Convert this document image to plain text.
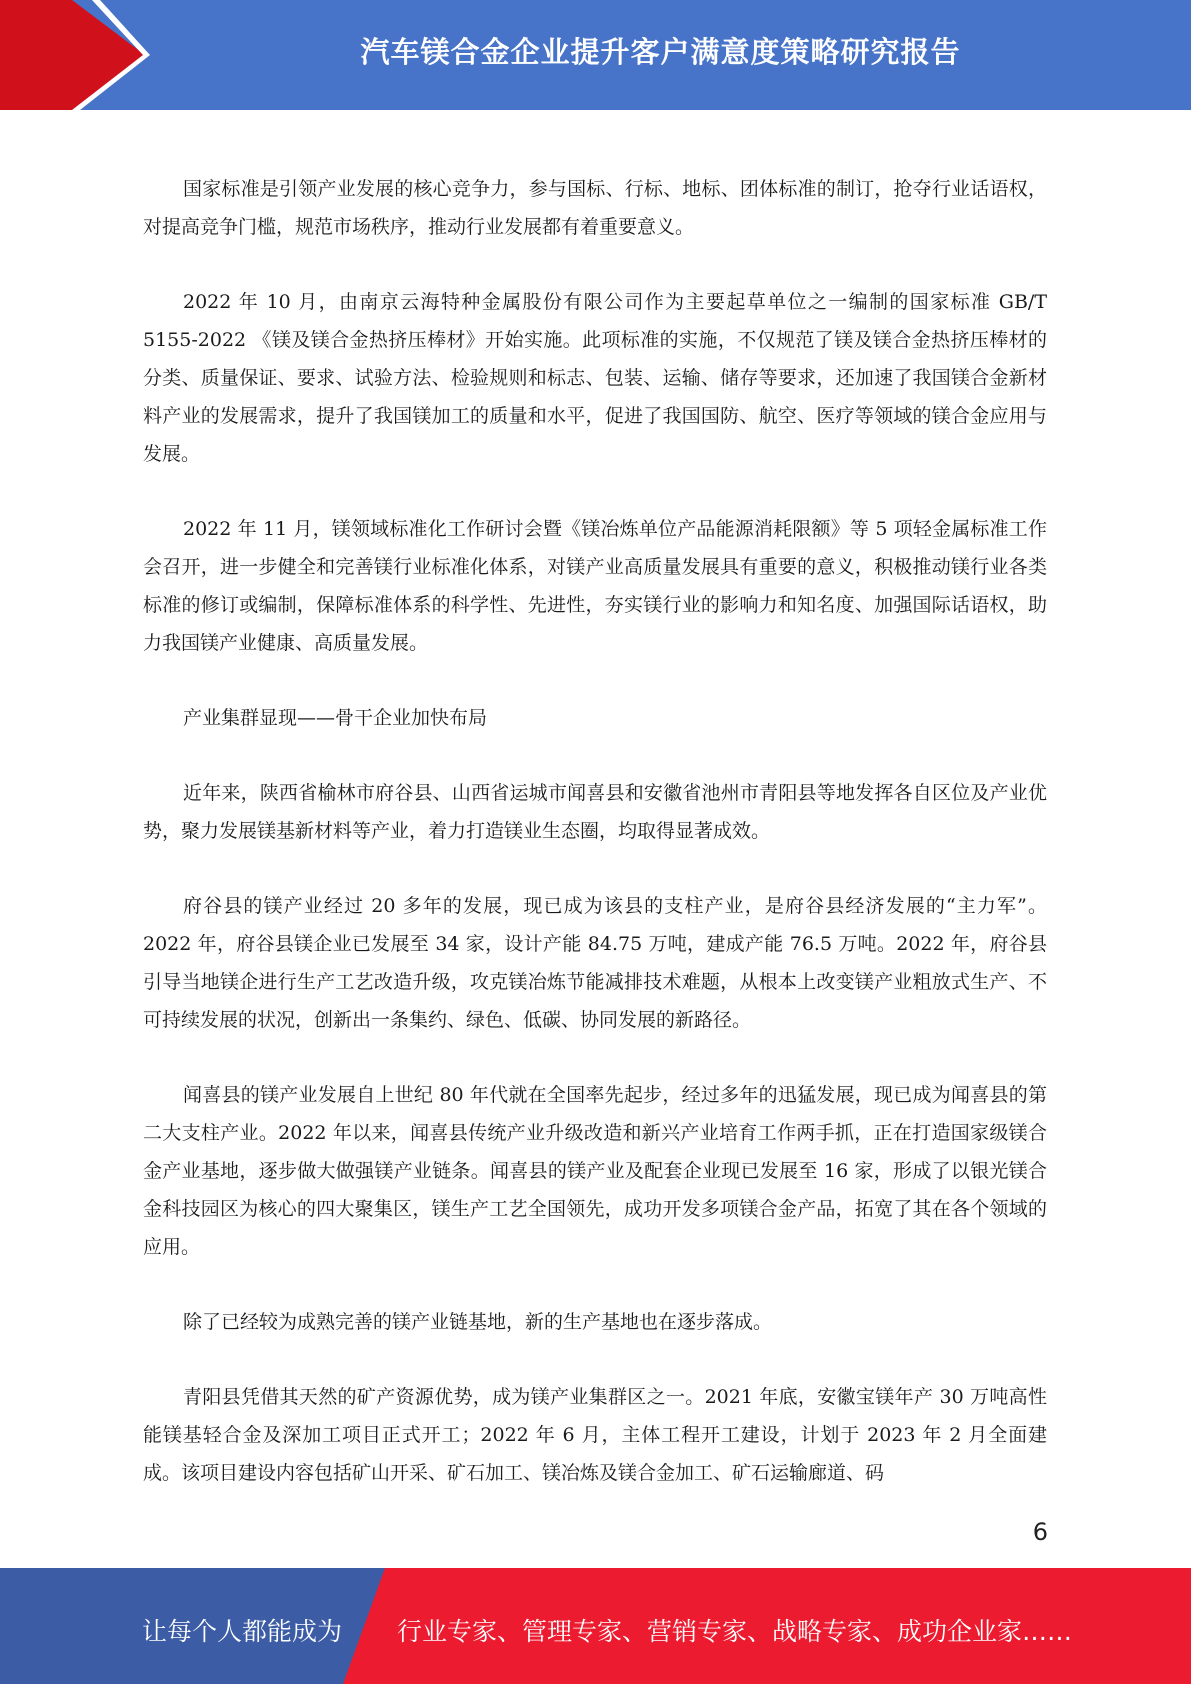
汽车镁合金企业提升客户满意度策略研究报告

国家标准是引领产业发展的核心竞争力，参与国标、行标、地标、团体标准的制订，抢夺行业话语权，对提高竞争门槛，规范市场秩序，推动行业发展都有着重要意义。

2022 年 10 月，由南京云海特种金属股份有限公司作为主要起草单位之一编制的国家标准 GB/T 5155-2022 《镁及镁合金热挤压棒材》开始实施。此项标准的实施，不仅规范了镁及镁合金热挤压棒材的分类、质量保证、要求、试验方法、检验规则和标志、包装、运输、储存等要求，还加速了我国镁合金新材料产业的发展需求，提升了我国镁加工的质量和水平，促进了我国国防、航空、医疗等领域的镁合金应用与发展。

2022 年 11 月，镁领域标准化工作研讨会暨《镁冶炼单位产品能源消耗限额》等 5 项轻金属标准工作会召开，进一步健全和完善镁行业标准化体系，对镁产业高质量发展具有重要的意义，积极推动镁行业各类标准的修订或编制，保障标准体系的科学性、先进性，夯实镁行业的影响力和知名度、加强国际话语权，助力我国镁产业健康、高质量发展。

产业集群显现——骨干企业加快布局

近年来，陕西省榆林市府谷县、山西省运城市闻喜县和安徽省池州市青阳县等地发挥各自区位及产业优势，聚力发展镁基新材料等产业，着力打造镁业生态圈，均取得显著成效。

府谷县的镁产业经过 20 多年的发展，现已成为该县的支柱产业，是府谷县经济发展的“主力军”。2022 年，府谷县镁企业已发展至 34 家，设计产能 84.75 万吨，建成产能 76.5 万吨。2022 年，府谷县引导当地镁企进行生产工艺改造升级，攻克镁冶炼节能减排技术难题，从根本上改变镁产业粗放式生产、不可持续发展的状况，创新出一条集约、绿色、低碳、协同发展的新路径。

闻喜县的镁产业发展自上世纪 80 年代就在全国率先起步，经过多年的迅猛发展，现已成为闻喜县的第二大支柱产业。2022 年以来，闻喜县传统产业升级改造和新兴产业培育工作两手抓，正在打造国家级镁合金产业基地，逐步做大做强镁产业链条。闻喜县的镁产业及配套企业现已发展至 16 家，形成了以银光镁合金科技园区为核心的四大聚集区，镁生产工艺全国领先，成功开发多项镁合金产品，拓宽了其在各个领域的应用。

除了已经较为成熟完善的镁产业链基地，新的生产基地也在逐步落成。

青阳县凭借其天然的矿产资源优势，成为镁产业集群区之一。2021 年底，安徽宝镁年产 30 万吨高性能镁基轻合金及深加工项目正式开工；2022 年 6 月，主体工程开工建设，计划于 2023 年 2 月全面建成。该项目建设内容包括矿山开采、矿石加工、镁冶炼及镁合金加工、矿石运输廊道、码

6
让每个人都能成为 行业专家、管理专家、营销专家、战略专家、成功企业家……
